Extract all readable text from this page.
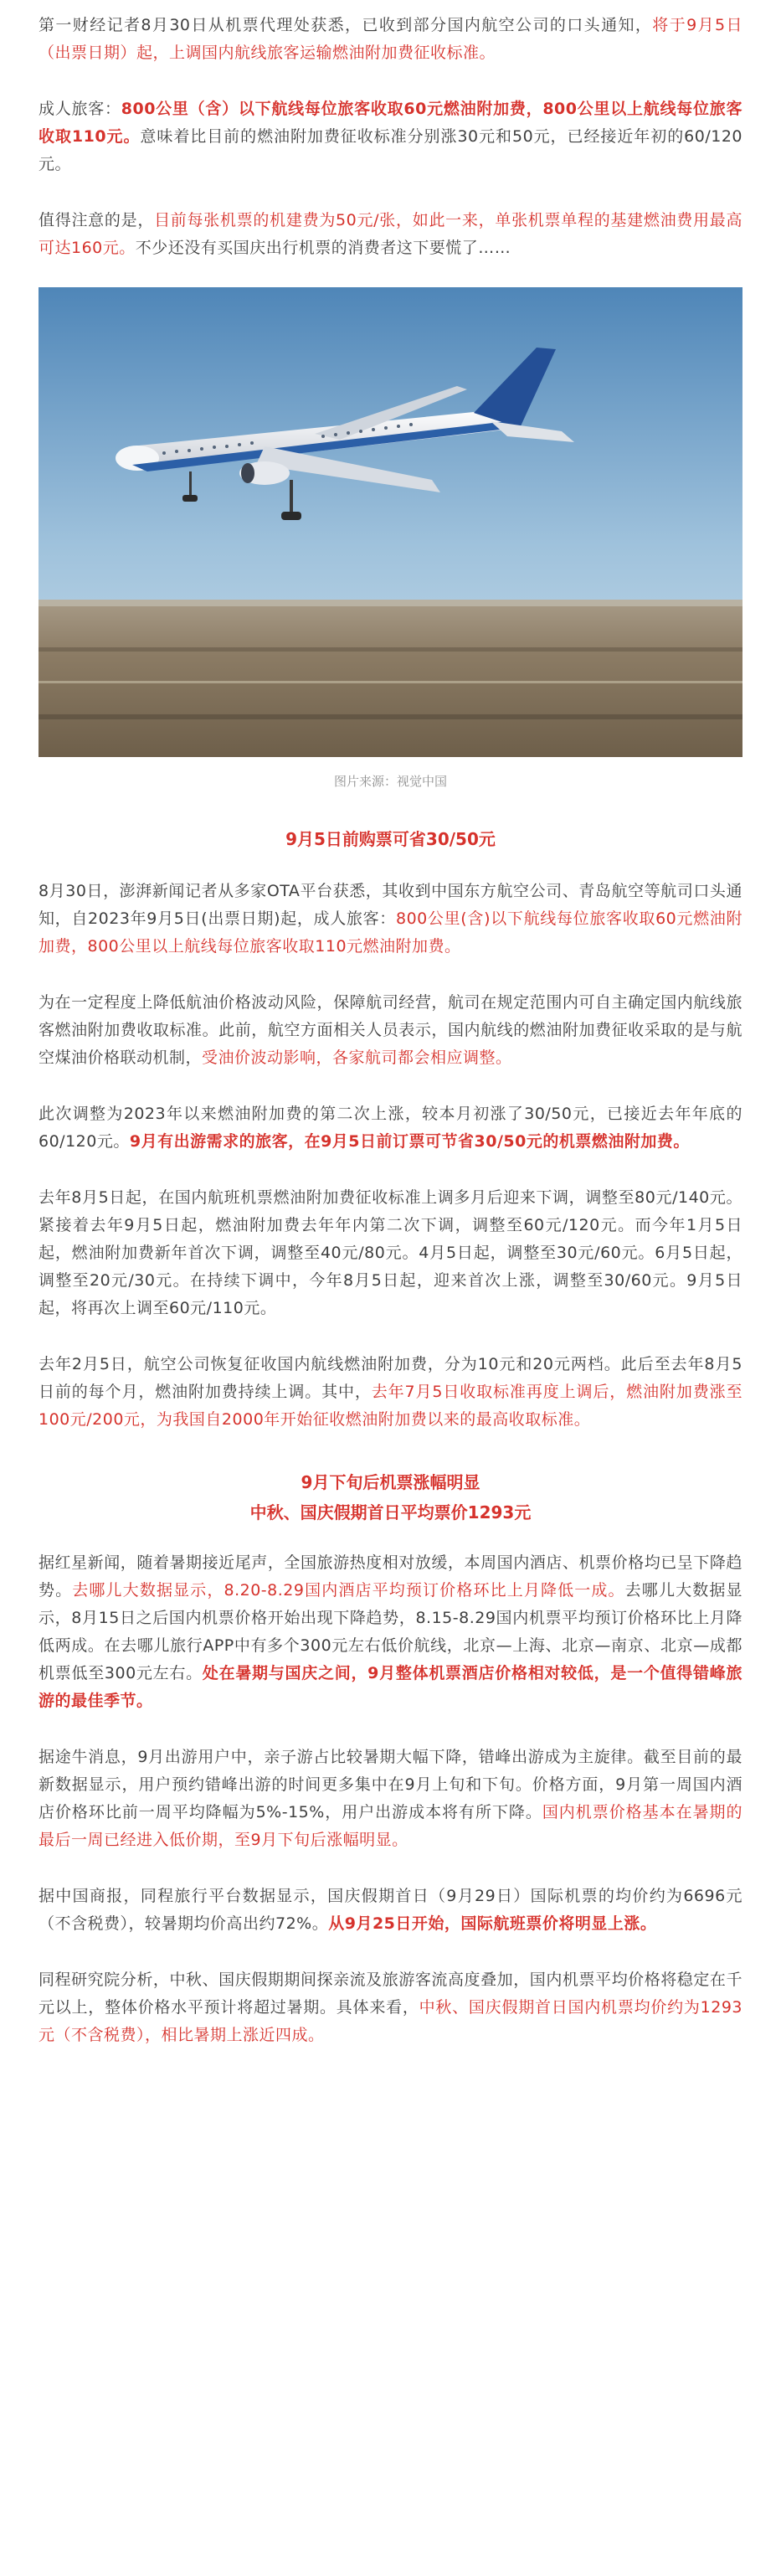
第一财经记者8月30日从机票代理处获悉，已收到部分国内航空公司的口头通知，将于9月5日（出票日期）起，上调国内航线旅客运输燃油附加费征收标准。

成人旅客：800公里（含）以下航线每位旅客收取60元燃油附加费，800公里以上航线每位旅客收取110元。意味着比目前的燃油附加费征收标准分别涨30元和50元，已经接近年初的60/120元。

值得注意的是，目前每张机票的机建费为50元/张，如此一来，单张机票单程的基建燃油费用最高可达160元。不少还没有买国庆出行机票的消费者这下要慌了……

图片来源：视觉中国
9月5日前购票可省30/50元

8月30日，澎湃新闻记者从多家OTA平台获悉，其收到中国东方航空公司、青岛航空等航司口头通知，自2023年9月5日(出票日期)起，成人旅客：800公里(含)以下航线每位旅客收取60元燃油附加费，800公里以上航线每位旅客收取110元燃油附加费。

为在一定程度上降低航油价格波动风险，保障航司经营，航司在规定范围内可自主确定国内航线旅客燃油附加费收取标准。此前，航空方面相关人员表示，国内航线的燃油附加费征收采取的是与航空煤油价格联动机制，受油价波动影响，各家航司都会相应调整。

此次调整为2023年以来燃油附加费的第二次上涨，较本月初涨了30/50元，已接近去年年底的60/120元。9月有出游需求的旅客，在9月5日前订票可节省30/50元的机票燃油附加费。

去年8月5日起，在国内航班机票燃油附加费征收标准上调多月后迎来下调，调整至80元/140元。紧接着去年9月5日起，燃油附加费去年年内第二次下调，调整至60元/120元。而今年1月5日起，燃油附加费新年首次下调，调整至40元/80元。4月5日起，调整至30元/60元。6月5日起，调整至20元/30元。在持续下调中，今年8月5日起，迎来首次上涨，调整至30/60元。9月5日起，将再次上调至60元/110元。

去年2月5日，航空公司恢复征收国内航线燃油附加费，分为10元和20元两档。此后至去年8月5日前的每个月，燃油附加费持续上调。其中，去年7月5日收取标准再度上调后，燃油附加费涨至100元/200元，为我国自2000年开始征收燃油附加费以来的最高收取标准。

9月下旬后机票涨幅明显
中秋、国庆假期首日平均票价1293元

据红星新闻，随着暑期接近尾声，全国旅游热度相对放缓，本周国内酒店、机票价格均已呈下降趋势。去哪儿大数据显示，8.20-8.29国内酒店平均预订价格环比上月降低一成。去哪儿大数据显示，8月15日之后国内机票价格开始出现下降趋势，8.15-8.29国内机票平均预订价格环比上月降低两成。在去哪儿旅行APP中有多个300元左右低价航线，北京—上海、北京—南京、北京—成都机票低至300元左右。处在暑期与国庆之间，9月整体机票酒店价格相对较低，是一个值得错峰旅游的最佳季节。

据途牛消息，9月出游用户中，亲子游占比较暑期大幅下降，错峰出游成为主旋律。截至目前的最新数据显示，用户预约错峰出游的时间更多集中在9月上旬和下旬。价格方面，9月第一周国内酒店价格环比前一周平均降幅为5%-15%，用户出游成本将有所下降。国内机票价格基本在暑期的最后一周已经进入低价期，至9月下旬后涨幅明显。

据中国商报，同程旅行平台数据显示，国庆假期首日（9月29日）国际机票的均价约为6696元（不含税费），较暑期均价高出约72%。从9月25日开始，国际航班票价将明显上涨。

同程研究院分析，中秋、国庆假期期间探亲流及旅游客流高度叠加，国内机票平均价格将稳定在千元以上，整体价格水平预计将超过暑期。具体来看，中秋、国庆假期首日国内机票均价约为1293元（不含税费），相比暑期上涨近四成。
